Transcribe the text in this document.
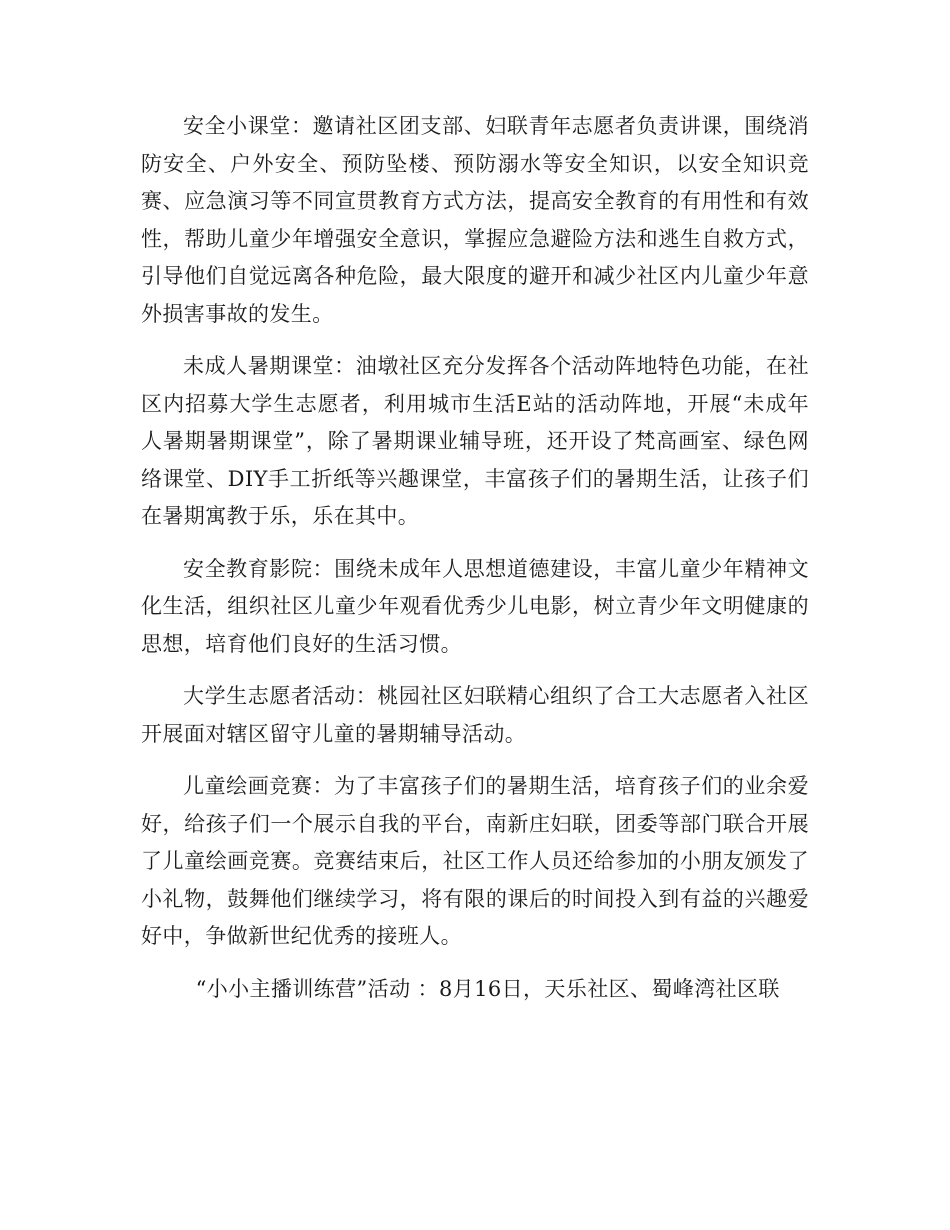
安全小课堂：邀请社区团支部、妇联青年志愿者负责讲课，围绕消防安全、户外安全、预防坠楼、预防溺水等安全知识，以安全知识竞赛、应急演习等不同宣贯教育方式方法，提高安全教育的有用性和有效性，帮助儿童少年增强安全意识，掌握应急避险方法和逃生自救方式，引导他们自觉远离各种危险，最大限度的避开和减少社区内儿童少年意外损害事故的发生。

未成人暑期课堂：油墩社区充分发挥各个活动阵地特色功能，在社区内招募大学生志愿者，利用城市生活E站的活动阵地，开展“未成年人暑期暑期课堂”，除了暑期课业辅导班，还开设了梵高画室、绿色网络课堂、DIY手工折纸等兴趣课堂，丰富孩子们的暑期生活，让孩子们在暑期寓教于乐，乐在其中。

安全教育影院：围绕未成年人思想道德建设，丰富儿童少年精神文化生活，组织社区儿童少年观看优秀少儿电影，树立青少年文明健康的思想，培育他们良好的生活习惯。

大学生志愿者活动：桃园社区妇联精心组织了合工大志愿者入社区开展面对辖区留守儿童的暑期辅导活动。

儿童绘画竞赛：为了丰富孩子们的暑期生活，培育孩子们的业余爱好，给孩子们一个展示自我的平台，南新庄妇联，团委等部门联合开展了儿童绘画竞赛。竞赛结束后，社区工作人员还给参加的小朋友颁发了小礼物，鼓舞他们继续学习，将有限的课后的时间投入到有益的兴趣爱好中，争做新世纪优秀的接班人。

“小小主播训练营”活动 ：8月16日，天乐社区、蜀峰湾社区联
